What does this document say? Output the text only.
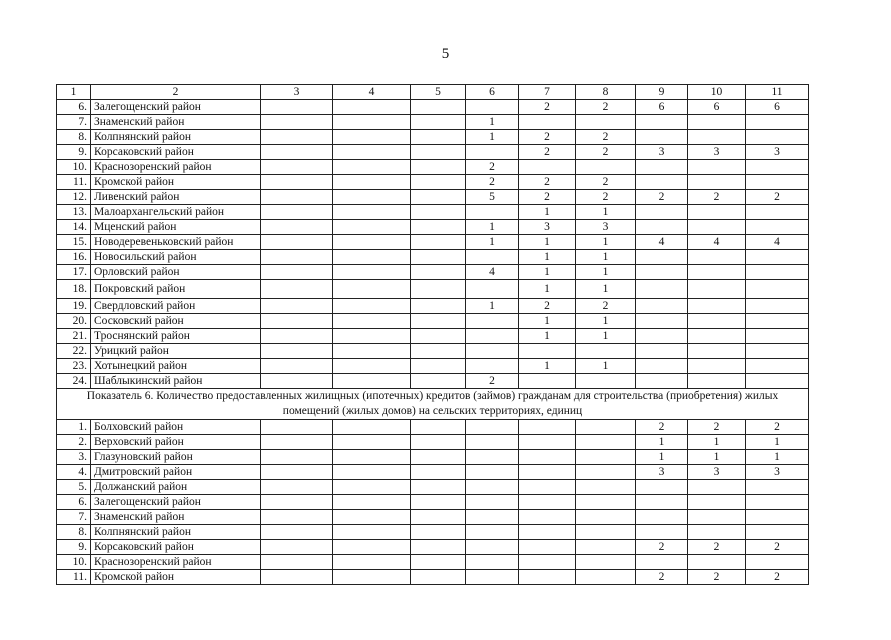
5
1	2	3	4	5	6	7	8	9	10	11
6.	Залегощенский район					2	2	6	6	6
7.	Знаменский район				1					
8.	Колпнянский район				1	2	2			
9.	Корсаковский район					2	2	3	3	3
10.	Краснозоренский район				2					
11.	Кромской район				2	2	2			
12.	Ливенский район				5	2	2	2	2	2
13.	Малоархангельский район					1	1			
14.	Мценский район				1	3	3			
15.	Новодеревеньковский район				1	1	1	4	4	4
16.	Новосильский район					1	1			
17.	Орловский район				4	1	1			
18.	Покровский район					1	1			
19.	Свердловский район				1	2	2			
20.	Сосковский район					1	1			
21.	Троснянский район					1	1			
22.	Урицкий район									
23.	Хотынецкий район					1	1			
24.	Шаблыкинский район				2					
Показатель 6. Количество предоставленных жилищных (ипотечных) кредитов (займов) гражданам для строительства (приобретения) жилых помещений (жилых домов) на сельских территориях, единиц										
1.	Болховский район							2	2	2
2.	Верховский район							1	1	1
3.	Глазуновский район							1	1	1
4.	Дмитровский район							3	3	3
5.	Должанский район									
6.	Залегощенский район									
7.	Знаменский район									
8.	Колпнянский район									
9.	Корсаковский район							2	2	2
10.	Краснозоренский район									
11.	Кромской район							2	2	2
